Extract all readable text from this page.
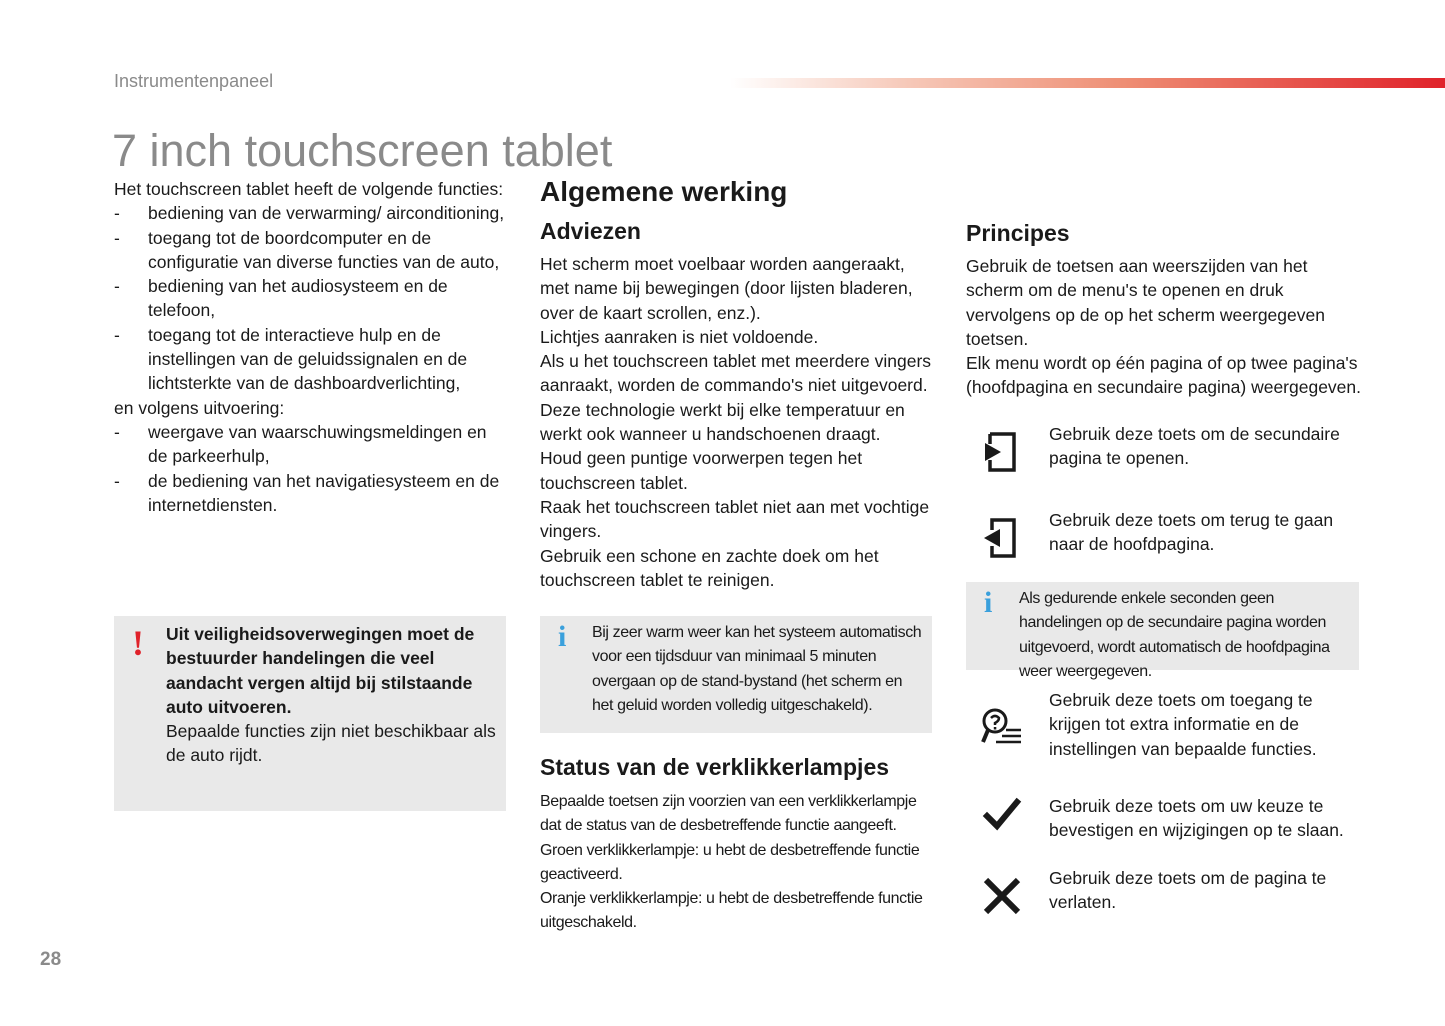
Instrumentenpaneel
7 inch touchscreen tablet

Het touchscreen tablet heeft de volgende functies:

- bediening van de verwarming/ airconditioning,
- toegang tot de boordcomputer en de configuratie van diverse functies van de auto,
- bediening van het audiosysteem en de telefoon,
- toegang tot de interactieve hulp en de instellingen van de geluidssignalen en de lichtsterkte van de dashboardverlichting,

en volgens uitvoering:

- weergave van waarschuwingsmeldingen en de parkeerhulp,
- de bediening van het navigatiesysteem en de internetdiensten.
! Uit veiligheidsoverwegingen moet de bestuurder handelingen die veel aandacht vergen altijd bij stilstaande auto uitvoeren.
Bepaalde functies zijn niet beschikbaar als de auto rijdt.
Algemene werking
Adviezen

Het scherm moet voelbaar worden aangeraakt, met name bij bewegingen (door lijsten bladeren, over de kaart scrollen, enz.).

Lichtjes aanraken is niet voldoende.

Als u het touchscreen tablet met meerdere vingers aanraakt, worden de commando's niet uitgevoerd.

Deze technologie werkt bij elke temperatuur en werkt ook wanneer u handschoenen draagt.

Houd geen puntige voorwerpen tegen het touchscreen tablet.

Raak het touchscreen tablet niet aan met vochtige vingers.

Gebruik een schone en zachte doek om het touchscreen tablet te reinigen.

i Bij zeer warm weer kan het systeem automatisch voor een tijdsduur van minimaal 5 minuten overgaan op de stand-bystand (het scherm en het geluid worden volledig uitgeschakeld).
Status van de verklikkerlampjes

Bepaalde toetsen zijn voorzien van een verklikkerlampje dat de status van de desbetreffende functie aangeeft.

Groen verklikkerlampje: u hebt de desbetreffende functie geactiveerd.

Oranje verklikkerlampje: u hebt de desbetreffende functie uitgeschakeld.

Principes

Gebruik de toetsen aan weerszijden van het scherm om de menu's te openen en druk vervolgens op de op het scherm weergegeven toetsen.

Elk menu wordt op één pagina of op twee pagina's (hoofdpagina en secundaire pagina) weergegeven.

Gebruik deze toets om de secundaire pagina te openen.
Gebruik deze toets om terug te gaan naar de hoofdpagina.
i Als gedurende enkele seconden geen handelingen op de secundaire pagina worden uitgevoerd, wordt automatisch de hoofdpagina weer weergegeven.
Gebruik deze toets om toegang te krijgen tot extra informatie en de instellingen van bepaalde functies.
Gebruik deze toets om uw keuze te bevestigen en wijzigingen op te slaan.
Gebruik deze toets om de pagina te verlaten.
28
